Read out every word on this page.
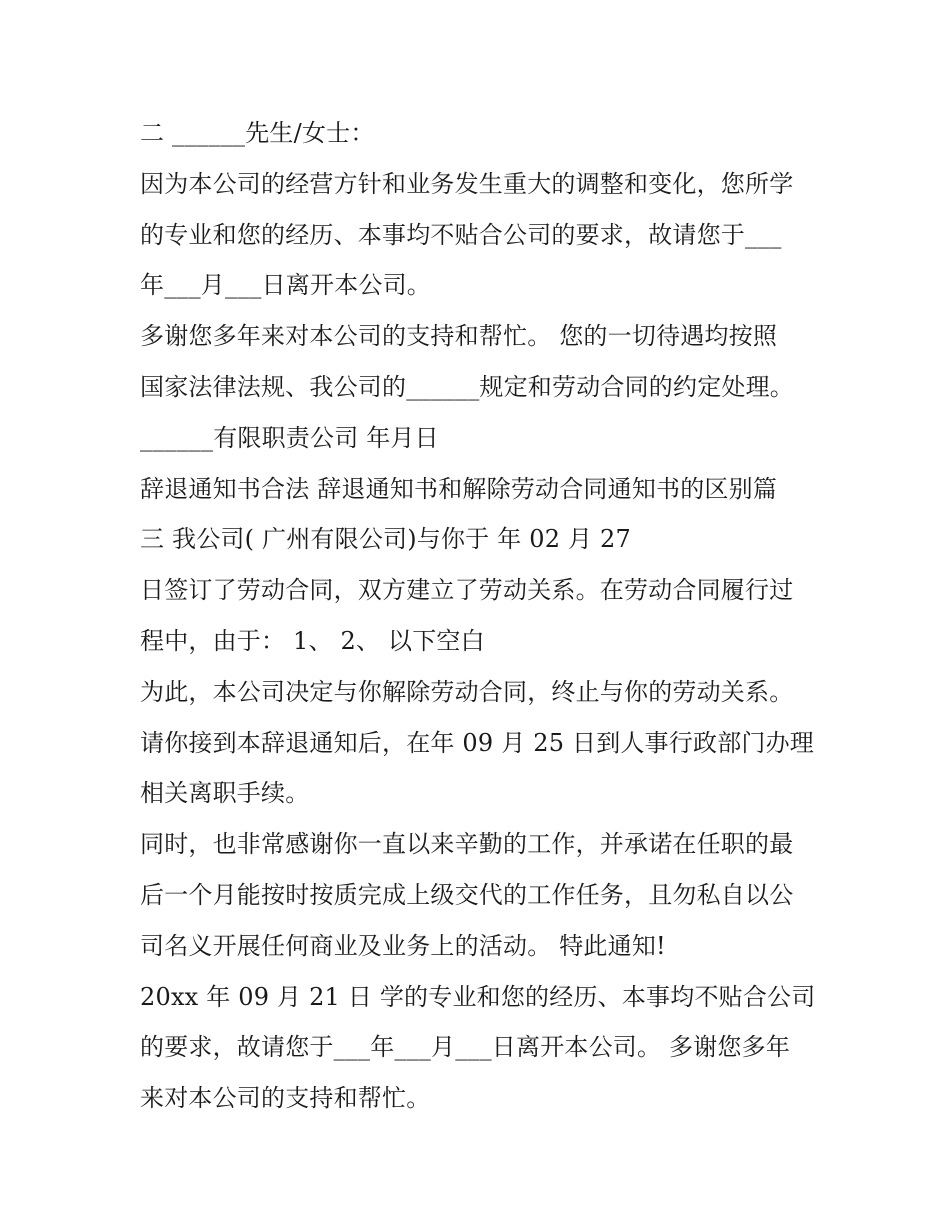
二 ______先生/女士：
因为本公司的经营方针和业务发生重大的调整和变化，您所学
的专业和您的经历、本事均不贴合公司的要求，故请您于___
年___月___日离开本公司。
多谢您多年来对本公司的支持和帮忙。 您的一切待遇均按照
国家法律法规、我公司的______规定和劳动合同的约定处理。
______有限职责公司 年月日
辞退通知书合法 辞退通知书和解除劳动合同通知书的区别篇
三 我公司( 广州有限公司)与你于 年 02 月 27
日签订了劳动合同，双方建立了劳动关系。在劳动合同履行过
程中，由于： 1、 2、 以下空白
为此，本公司决定与你解除劳动合同，终止与你的劳动关系。
请你接到本辞退通知后，在年 09 月 25 日到人事行政部门办理
相关离职手续。
同时，也非常感谢你一直以来辛勤的工作，并承诺在任职的最
后一个月能按时按质完成上级交代的工作任务，且勿私自以公
司名义开展任何商业及业务上的活动。 特此通知!
20xx 年 09 月 21 日 学的专业和您的经历、本事均不贴合公司
的要求，故请您于___年___月___日离开本公司。 多谢您多年
来对本公司的支持和帮忙。
